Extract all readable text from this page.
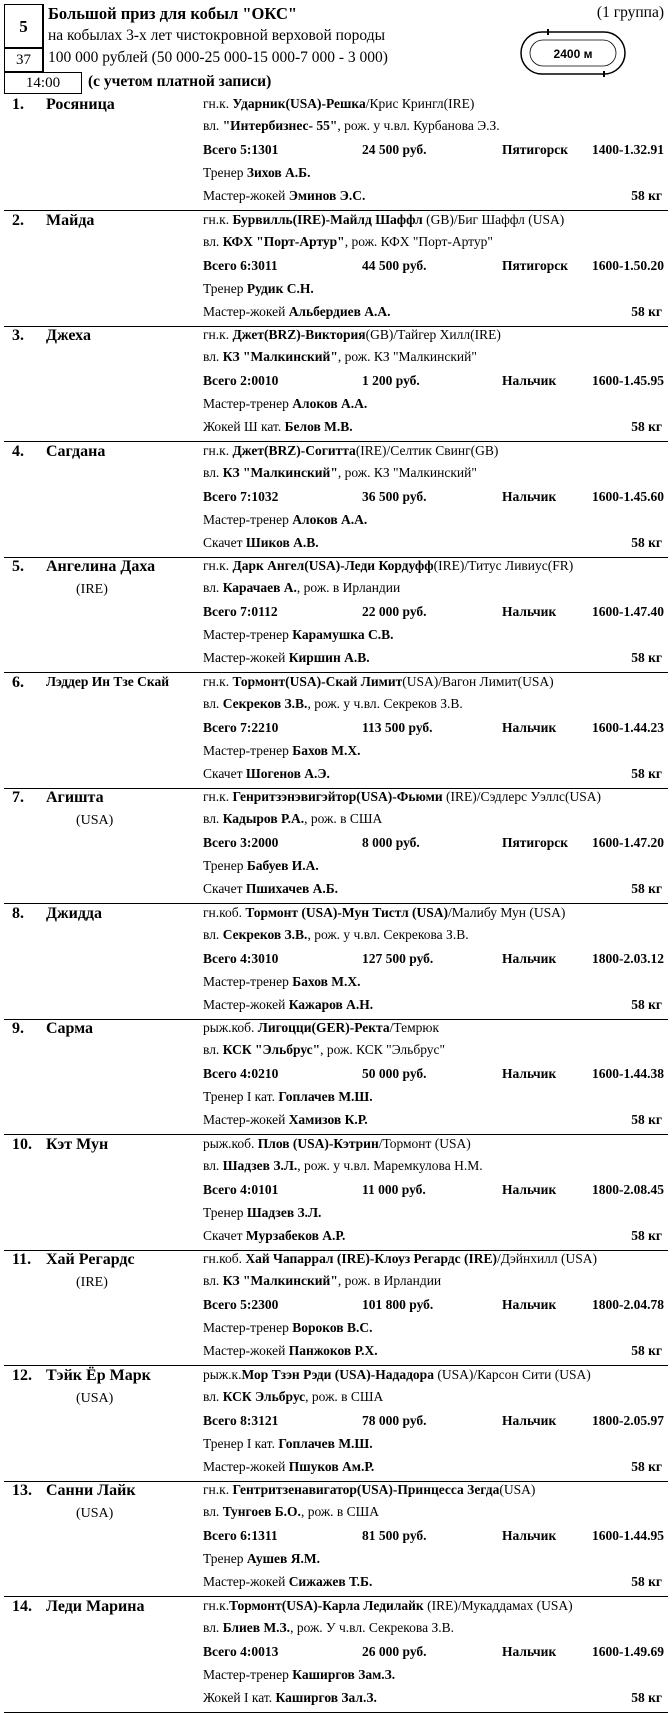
5
37
14:00
Большой приз для кобыл "ОКС"	(1 группа)
на кобылах 3-х лет чистокровной верховой породы
100 000 рублей (50 000-25 000-15 000-7 000 - 3 000)
(с учетом платной записи)
2400 м
1. Росяница	гн.к. Ударник(USA)-Решка/Крис Крингл(IRE)
вл. "Интербизнес- 55", рож. у ч.вл. Курбанова Э.З.
Всего 5:1301	24 500 руб.	Пятигорск 1400-1.32.91
Тренер Зихов А.Б.
Мастер-жокей Эминов Э.С.	58 кг
2. Майда	гн.к. Бурвилль(IRE)-Майлд Шаффл (GB)/Биг Шаффл (USA)
вл. КФХ "Порт-Артур", рож. КФХ "Порт-Артур"
Всего 6:3011	44 500 руб.	Пятигорск 1600-1.50.20
Тренер Рудик С.Н.
Мастер-жокей Альбердиев А.А.	58 кг
3. Джеха	гн.к. Джет(BRZ)-Виктория(GB)/Тайгер Хилл(IRE)
вл. КЗ "Малкинский", рож. КЗ "Малкинский"
Всего 2:0010	1 200 руб.	Нальчик	1600-1.45.95
Мастер-тренер Алоков А.А.
Жокей Ш кат. Белов М.В.	58 кг
4. Сагдана	гн.к. Джет(BRZ)-Согитта(IRE)/Селтик Свинг(GB)
вл. КЗ "Малкинский", рож. КЗ "Малкинский"
Всего 7:1032	36 500 руб.	Нальчик	1600-1.45.60
Мастер-тренер Алоков А.А.
Скачет Шиков А.В.	58 кг
5. Ангелина Даха
(IRE)
гн.к. Дарк Ангел(USA)-Леди Кордуфф(IRE)/Титус Ливиус(FR)
вл. Карачаев А., рож. в Ирландии
Всего 7:0112	22 000 руб.	Нальчик	1600-1.47.40
Мастер-тренер Карамушка С.В.
Мастер-жокей Киршин А.В.	58 кг
6. Лэддер Ин Тзе Скай	гн.к. Тормонт(USA)-Скай Лимит(USA)/Вагон Лимит(USA)
вл. Секреков З.В., рож. у ч.вл. Секреков З.В.
Всего 7:2210	113 500 руб.	Нальчик	1600-1.44.23
Мастер-тренер Бахов М.Х.
Скачет Шогенов А.Э.	58 кг
7. Агишта
(USA)
гн.к. Генритзэнэвигэйтор(USA)-Фьюми (IRE)/Сэдлерс Уэллс(USA)
вл. Кадыров Р.А., рож. в США
Всего 3:2000	8 000 руб.	Пятигорск 1600-1.47.20
Тренер Бабуев И.А.
Скачет Пшихачев А.Б.	58 кг
8. Джидда	гн.коб. Тормонт (USA)-Мун Тистл (USA)/Малибу Мун (USA)
вл. Секреков З.В., рож. у ч.вл. Секрекова З.В.
Всего 4:3010	127 500 руб.	Нальчик	1800-2.03.12
Мастер-тренер Бахов М.Х.
Мастер-жокей Кажаров А.Н.	58 кг
9. Сарма	рыж.коб. Лигоцци(GER)-Ректа/Темрюк
вл. КСК "Эльбрус", рож. КСК "Эльбрус"
Всего 4:0210	50 000 руб.	Нальчик	1600-1.44.38
Тренер I кат. Гоплачев М.Ш.
Мастер-жокей Хамизов К.Р.	58 кг
10. Кэт Мун	рыж.коб. Плов (USA)-Кэтрин/Тормонт (USA)
вл. Шадзев З.Л., рож. у ч.вл. Маремкулова Н.М.
Всего 4:0101	11 000 руб.	Нальчик	1800-2.08.45
Тренер Шадзев З.Л.
Скачет Мурзабеков А.Р.	58 кг
11. Хай Регардс
(IRE)
гн.коб. Хай Чапаррал (IRE)-Клоуз Регардс (IRE)/Дэйнхилл (USA)
вл. КЗ "Малкинский", рож. в Ирландии
Всего 5:2300	101 800 руб.	Нальчик	1800-2.04.78
Мастер-тренер Вороков В.С.
Мастер-жокей Панжоков Р.Х.	58 кг
12. Тэйк Ёр Марк
(USA)
рыж.к.Мор Тзэн Рэди (USA)-Нададора (USA)/Карсон Сити (USA)
вл. КСК Эльбрус, рож. в США
Всего 8:3121	78 000 руб.	Нальчик	1800-2.05.97
Тренер I кат. Гоплачев М.Ш.
Мастер-жокей Пшуков Ам.Р.	58 кг
13. Санни Лайк
(USA)
гн.к. Гентритзенавигатор(USA)-Принцесса Зегда(USA)
вл. Тунгоев Б.О., рож. в США
Всего 6:1311	81 500 руб.	Нальчик	1600-1.44.95
Тренер Аушев Я.М.
Мастер-жокей Сижажев Т.Б.	58 кг
14. Леди Марина	гн.к.Тормонт(USA)-Карла Ледилайк (IRE)/Мукаддамах (USA)
вл. Блиев М.З., рож. У ч.вл. Секрекова З.В.
Всего 4:0013	26 000 руб.	Нальчик	1600-1.49.69
Мастер-тренер Каширгов Зам.З.
Жокей I кат. Каширгов Зал.З.	58 кг
